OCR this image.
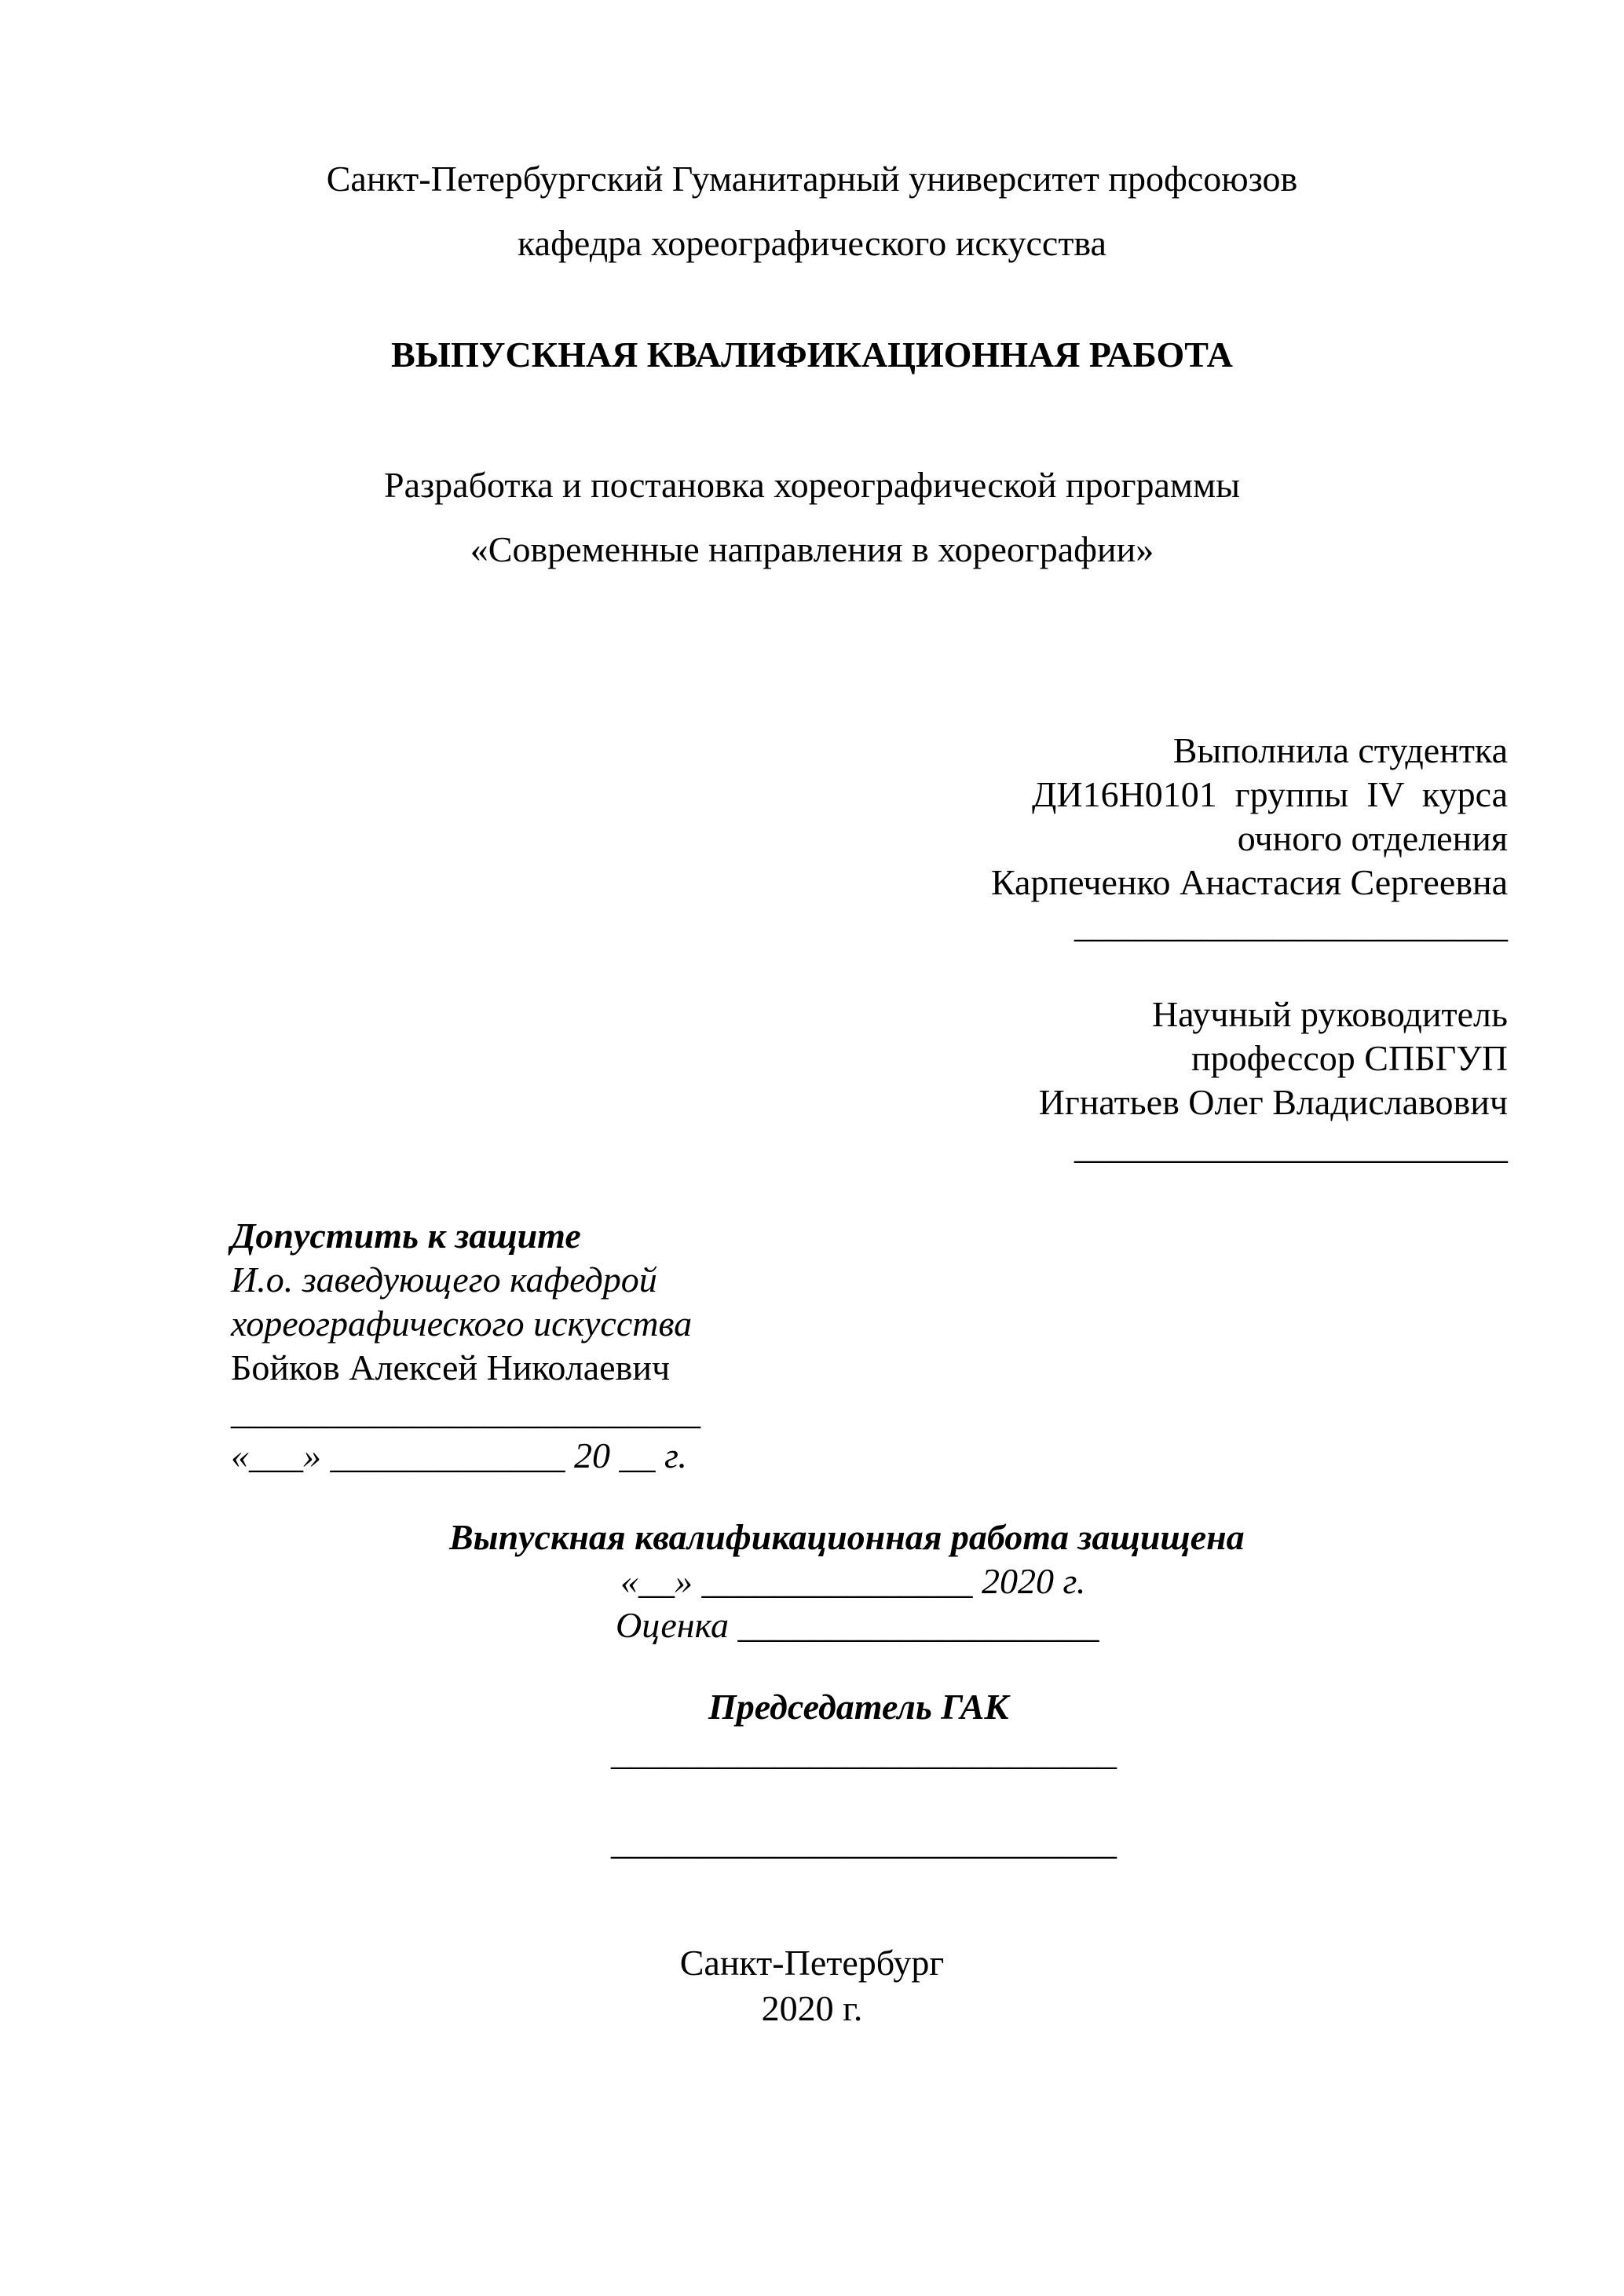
Санкт-Петербургский Гуманитарный университет профсоюзов
кафедра хореографического искусства
ВЫПУСКНАЯ КВАЛИФИКАЦИОННАЯ РАБОТА
Разработка и постановка хореографической программы
«Современные направления в хореографии»
Выполнила студентка
ДИ16Н0101  группы  IV  курса
очного отделения
Карпеченко Анастасия Сергеевна
________________________
Научный руководитель
профессор СПБГУП
Игнатьев Олег Владиславович
________________________
Допустить к защите
И.о. заведующего кафедрой
хореографического искусства
Бойков Алексей Николаевич
__________________________
«___» _____________ 20 __ г.
Выпускная квалификационная работа защищена
«__» _______________ 2020 г.
Оценка ____________________
Председатель ГАК
____________________________
____________________________
Санкт-Петербург
2020 г.
